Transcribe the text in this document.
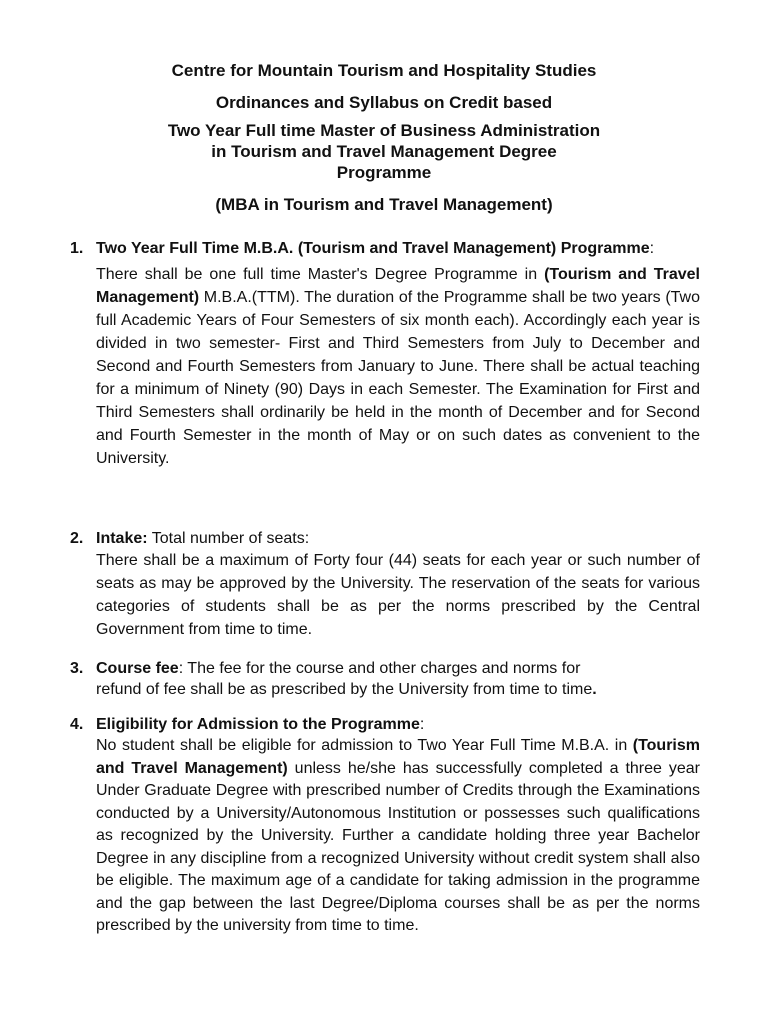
Centre for Mountain Tourism and Hospitality Studies

Ordinances and Syllabus on Credit based

Two Year Full time Master of Business Administration
in Tourism and Travel Management Degree
Programme

(MBA in Tourism and Travel Management)

1. Two Year Full Time M.B.A. (Tourism and Travel Management) Programme:

There shall be one full time Master's Degree Programme in (Tourism and Travel Management) M.B.A.(TTM). The duration of the Programme shall be two years (Two full Academic Years of Four Semesters of six month each). Accordingly each year is divided in two semester- First and Third Semesters from July to December and Second and Fourth Semesters from January to June. There shall be actual teaching for a minimum of Ninety (90) Days in each Semester. The Examination for First and Third Semesters shall ordinarily be held in the month of December and for Second and Fourth Semester in the month of May or on such dates as convenient to the University.

2. Intake: Total number of seats:

There shall be a maximum of Forty four (44) seats for each year or such number of seats as may be approved by the University. The reservation of the seats for various categories of students shall be as per the norms prescribed by the Central Government from time to time.

3. Course fee: The fee for the course and other charges and norms for

refund of fee shall be as prescribed by the University from time to time.

4. Eligibility for Admission to the Programme:

No student shall be eligible for admission to Two Year Full Time M.B.A. in (Tourism and Travel Management) unless he/she has successfully completed a three year Under Graduate Degree with prescribed number of Credits through the Examinations conducted by a University/Autonomous Institution or possesses such qualifications as recognized by the University. Further a candidate holding three year Bachelor Degree in any discipline from a recognized University without credit system shall also be eligible. The maximum age of a candidate for taking admission in the programme and the gap between the last Degree/Diploma courses shall be as per the norms prescribed by the university from time to time.
